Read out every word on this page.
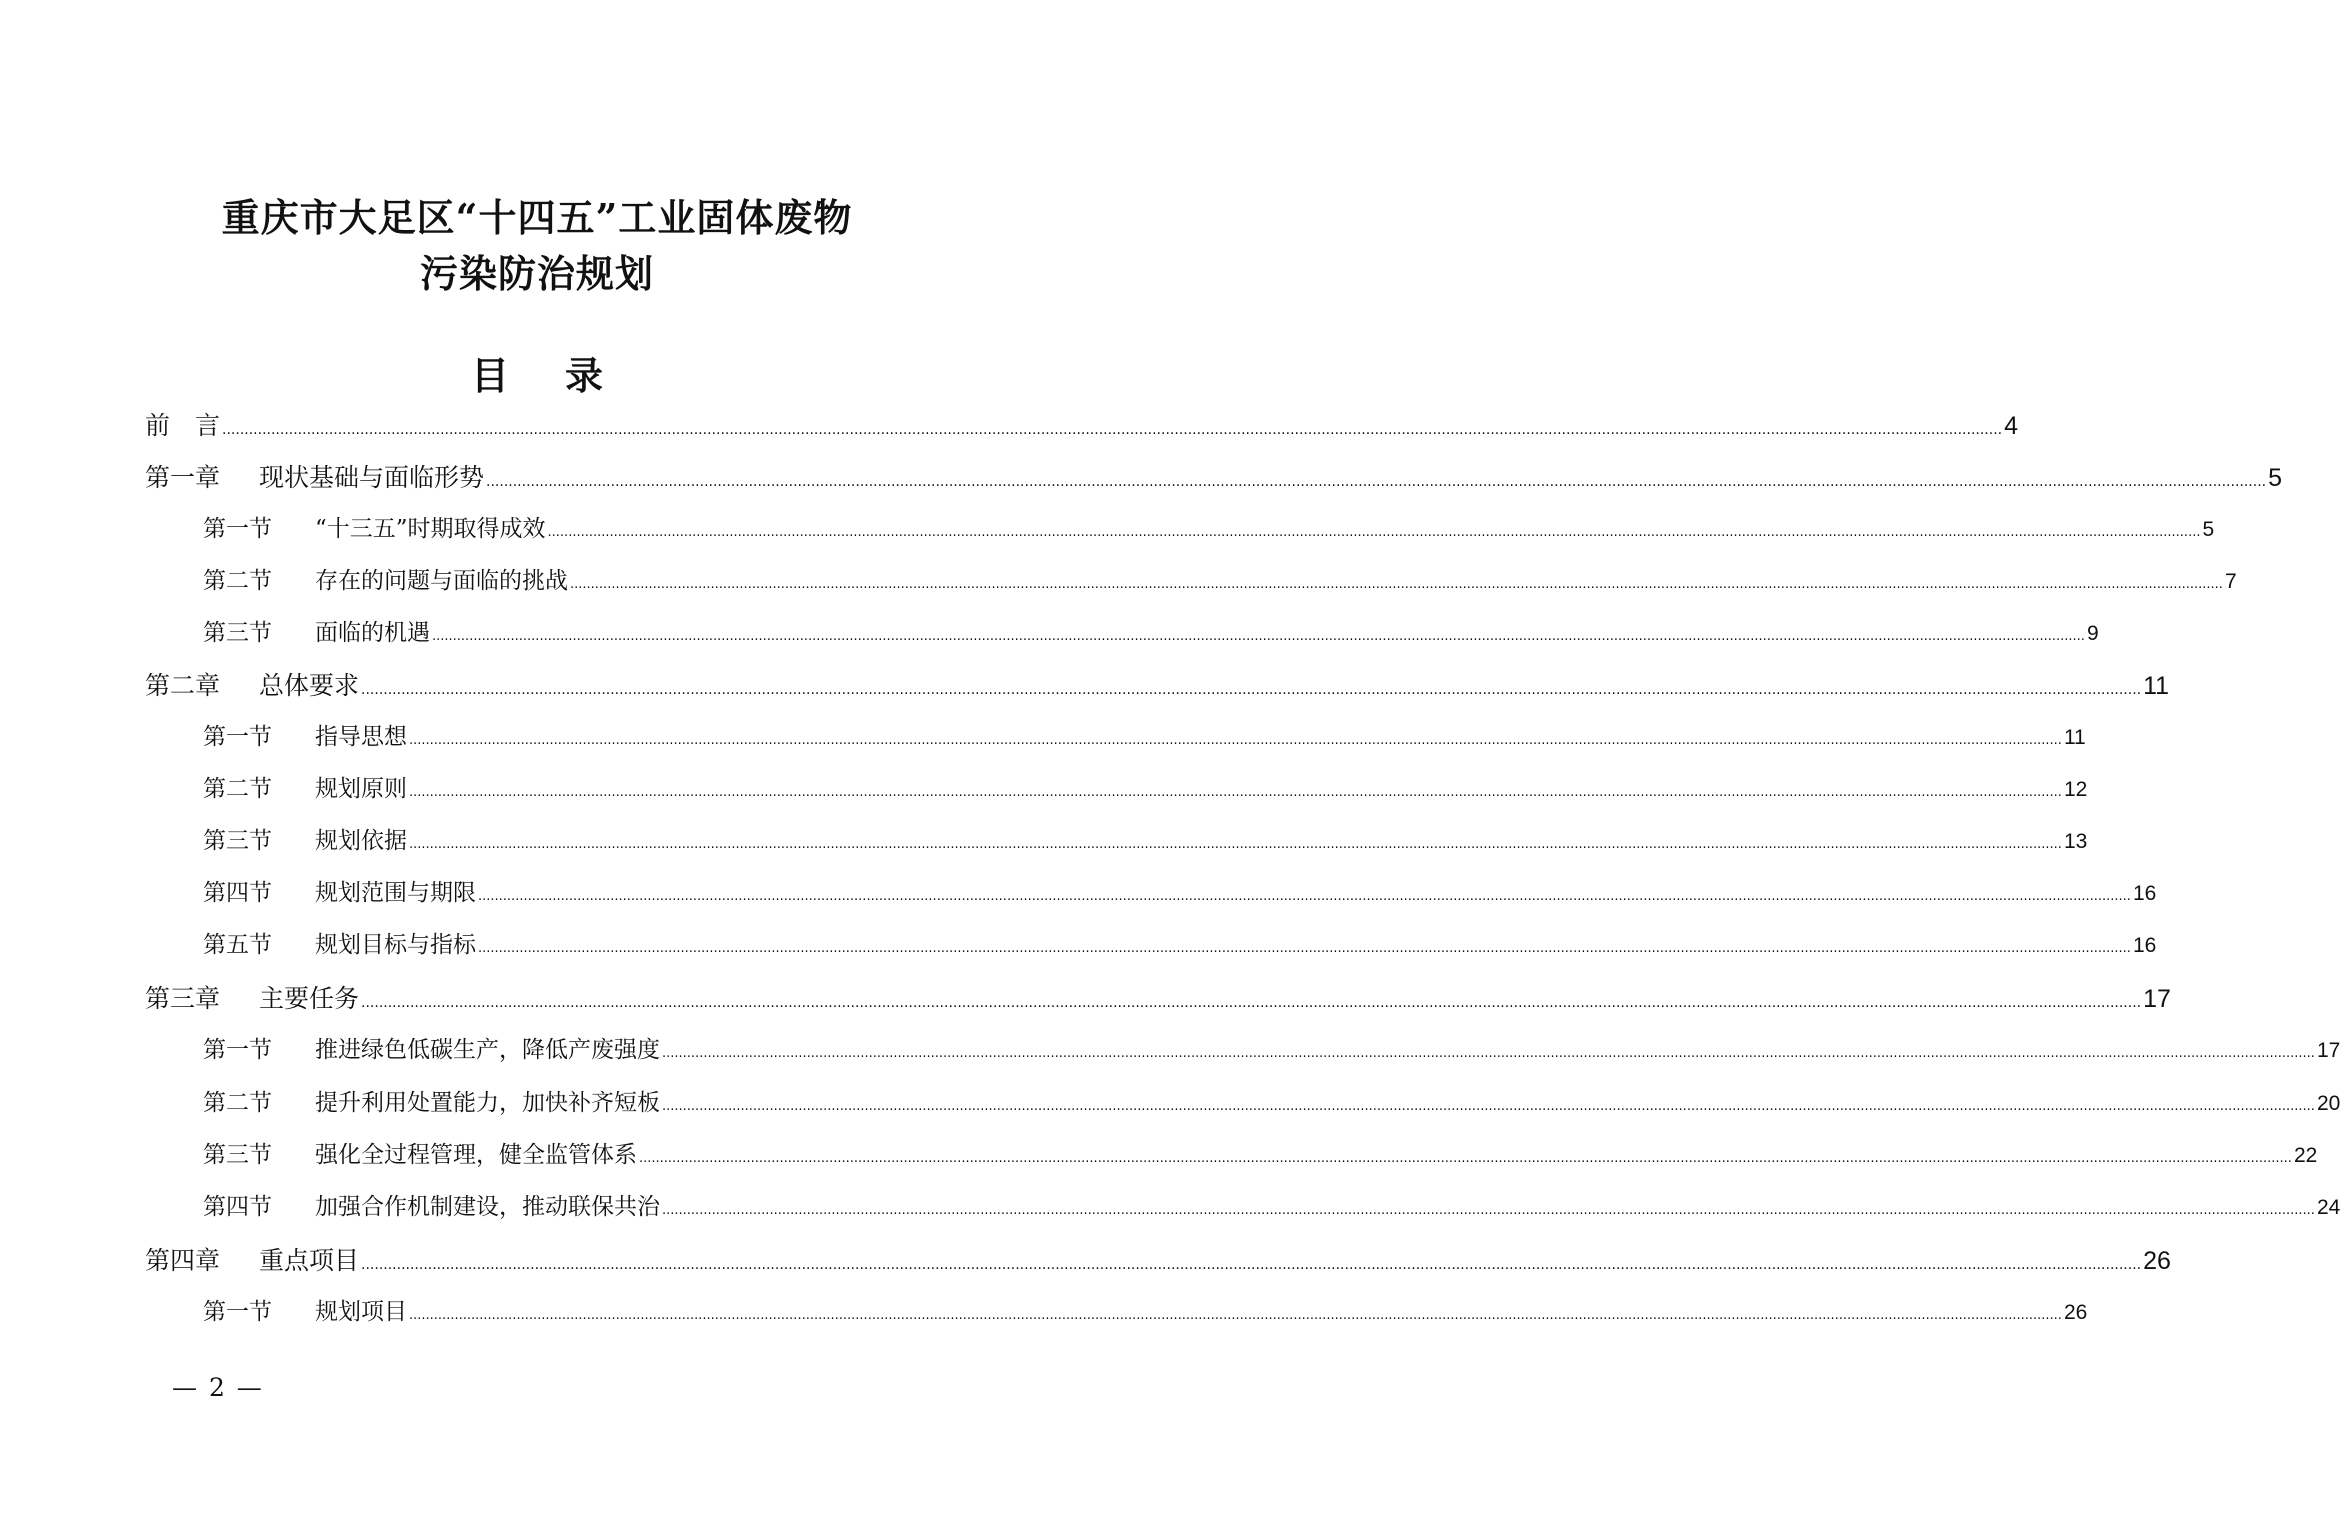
重庆市大足区“十四五”工业固体废物
污染防治规划
目 录
前　言 ................................................................................................................................................................................................................................................................................................................................................................................................................ 4
第一章 现状基础与面临形势 ................................................................................................................................................................................................................................................................................................................................................................................................................ 5
第一节 “十三五”时期取得成效 ................................................................................................................................................................................................................................................................................................................................................................................................................ 5
第二节 存在的问题与面临的挑战 ................................................................................................................................................................................................................................................................................................................................................................................................................ 7
第三节 面临的机遇 ................................................................................................................................................................................................................................................................................................................................................................................................................ 9
第二章 总体要求 ................................................................................................................................................................................................................................................................................................................................................................................................................ 11
第一节 指导思想 ................................................................................................................................................................................................................................................................................................................................................................................................................ 11
第二节 规划原则 ................................................................................................................................................................................................................................................................................................................................................................................................................ 12
第三节 规划依据 ................................................................................................................................................................................................................................................................................................................................................................................................................ 13
第四节 规划范围与期限 ................................................................................................................................................................................................................................................................................................................................................................................................................ 16
第五节 规划目标与指标 ................................................................................................................................................................................................................................................................................................................................................................................................................ 16
第三章 主要任务 ................................................................................................................................................................................................................................................................................................................................................................................................................ 17
第一节 推进绿色低碳生产，降低产废强度 ................................................................................................................................................................................................................................................................................................................................................................................................................ 17
第二节 提升利用处置能力，加快补齐短板 ................................................................................................................................................................................................................................................................................................................................................................................................................ 20
第三节 强化全过程管理，健全监管体系 ................................................................................................................................................................................................................................................................................................................................................................................................................ 22
第四节 加强合作机制建设，推动联保共治 ................................................................................................................................................................................................................................................................................................................................................................................................................ 24
第四章 重点项目 ................................................................................................................................................................................................................................................................................................................................................................................................................ 26
第一节 规划项目 ................................................................................................................................................................................................................................................................................................................................................................................................................ 26
— 2 —
